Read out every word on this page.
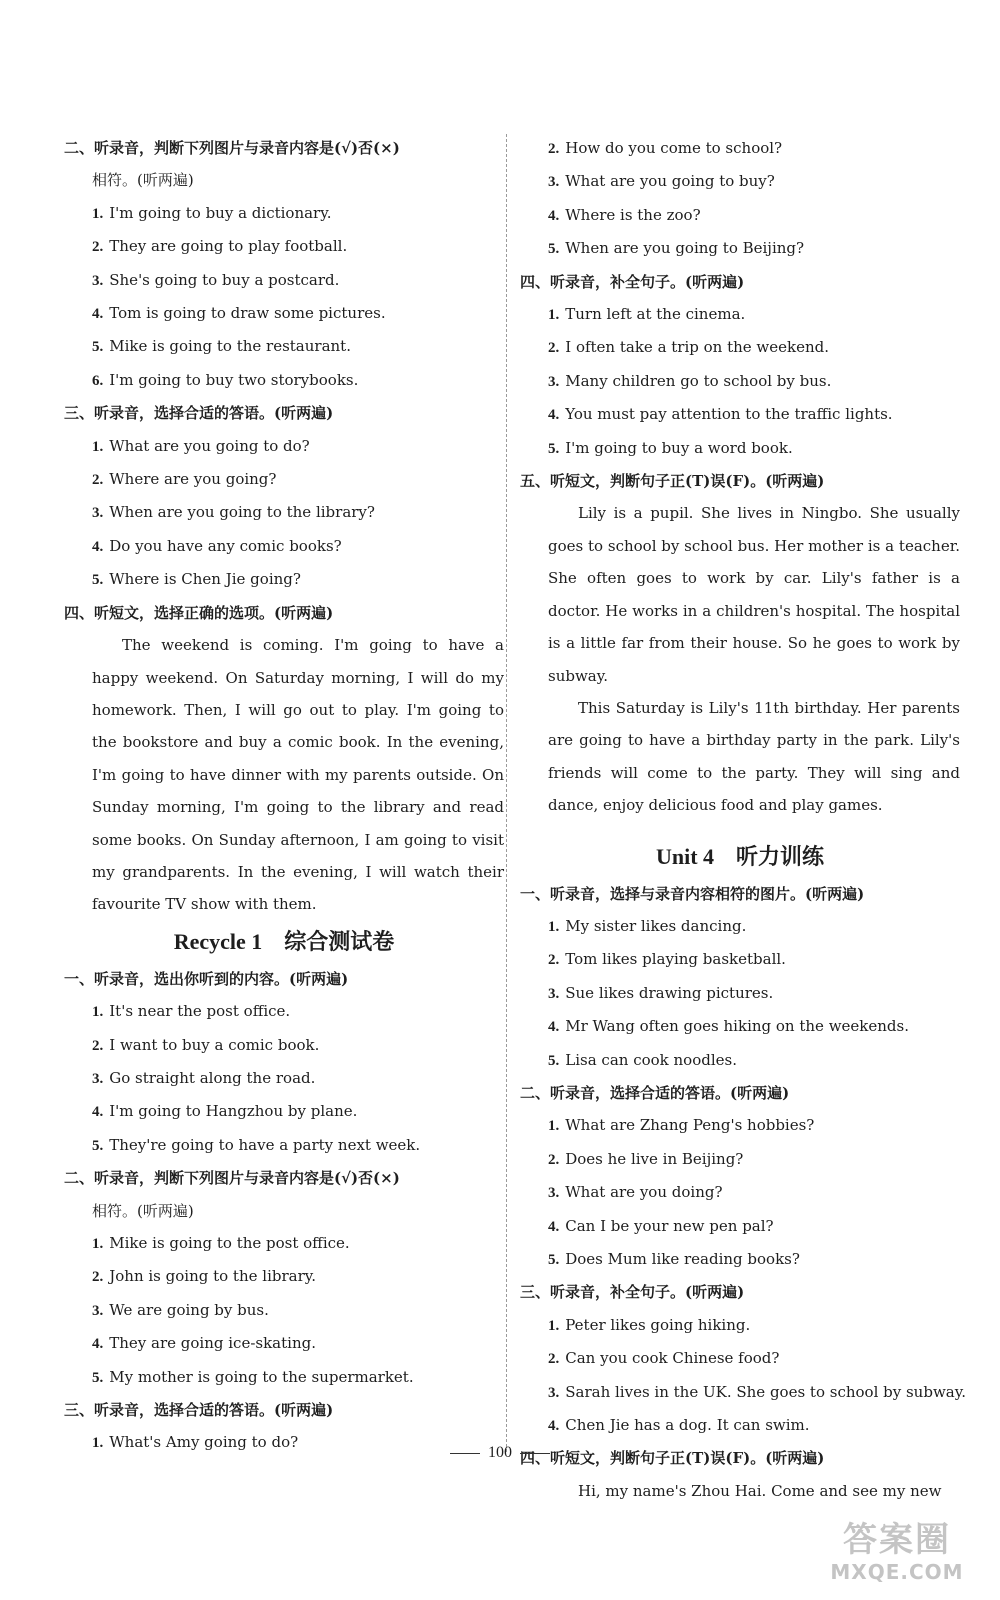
二、听录音，判断下列图片与录音内容是(√)否(×)
相符。(听两遍)
1. I'm going to buy a dictionary.
2. They are going to play football.
3. She's going to buy a postcard.
4. Tom is going to draw some pictures.
5. Mike is going to the restaurant.
6. I'm going to buy two storybooks.
三、听录音，选择合适的答语。(听两遍)
1. What are you going to do?
2. Where are you going?
3. When are you going to the library?
4. Do you have any comic books?
5. Where is Chen Jie going?
四、听短文，选择正确的选项。(听两遍)
The weekend is coming. I'm going to have a happy weekend. On Saturday morning, I will do my homework. Then, I will go out to play. I'm going to the bookstore and buy a comic book. In the evening, I'm going to have dinner with my parents outside. On Sunday morning, I'm going to the library and read some books. On Sunday afternoon, I am going to visit my grandparents. In the evening, I will watch their favourite TV show with them.
Recycle 1 综合测试卷
一、听录音，选出你听到的内容。(听两遍)
1. It's near the post office.
2. I want to buy a comic book.
3. Go straight along the road.
4. I'm going to Hangzhou by plane.
5. They're going to have a party next week.
二、听录音，判断下列图片与录音内容是(√)否(×)
相符。(听两遍)
1. Mike is going to the post office.
2. John is going to the library.
3. We are going by bus.
4. They are going ice-skating.
5. My mother is going to the supermarket.
三、听录音，选择合适的答语。(听两遍)
1. What's Amy going to do?
2. How do you come to school?
3. What are you going to buy?
4. Where is the zoo?
5. When are you going to Beijing?
四、听录音，补全句子。(听两遍)
1. Turn left at the cinema.
2. I often take a trip on the weekend.
3. Many children go to school by bus.
4. You must pay attention to the traffic lights.
5. I'm going to buy a word book.
五、听短文，判断句子正(T)误(F)。(听两遍)
Lily is a pupil. She lives in Ningbo. She usually goes to school by school bus. Her mother is a teacher. She often goes to work by car. Lily's father is a doctor. He works in a children's hospital. The hospital is a little far from their house. So he goes to work by subway.
This Saturday is Lily's 11th birthday. Her parents are going to have a birthday party in the park. Lily's friends will come to the party. They will sing and dance, enjoy delicious food and play games.
Unit 4 听力训练
一、听录音，选择与录音内容相符的图片。(听两遍)
1. My sister likes dancing.
2. Tom likes playing basketball.
3. Sue likes drawing pictures.
4. Mr Wang often goes hiking on the weekends.
5. Lisa can cook noodles.
二、听录音，选择合适的答语。(听两遍)
1. What are Zhang Peng's hobbies?
2. Does he live in Beijing?
3. What are you doing?
4. Can I be your new pen pal?
5. Does Mum like reading books?
三、听录音，补全句子。(听两遍)
1. Peter likes going hiking.
2. Can you cook Chinese food?
3. Sarah lives in the UK. She goes to school by subway.
4. Chen Jie has a dog. It can swim.
四、听短文，判断句子正(T)误(F)。(听两遍)
Hi, my name's Zhou Hai. Come and see my new
100
答案圈
MXQE.COM
